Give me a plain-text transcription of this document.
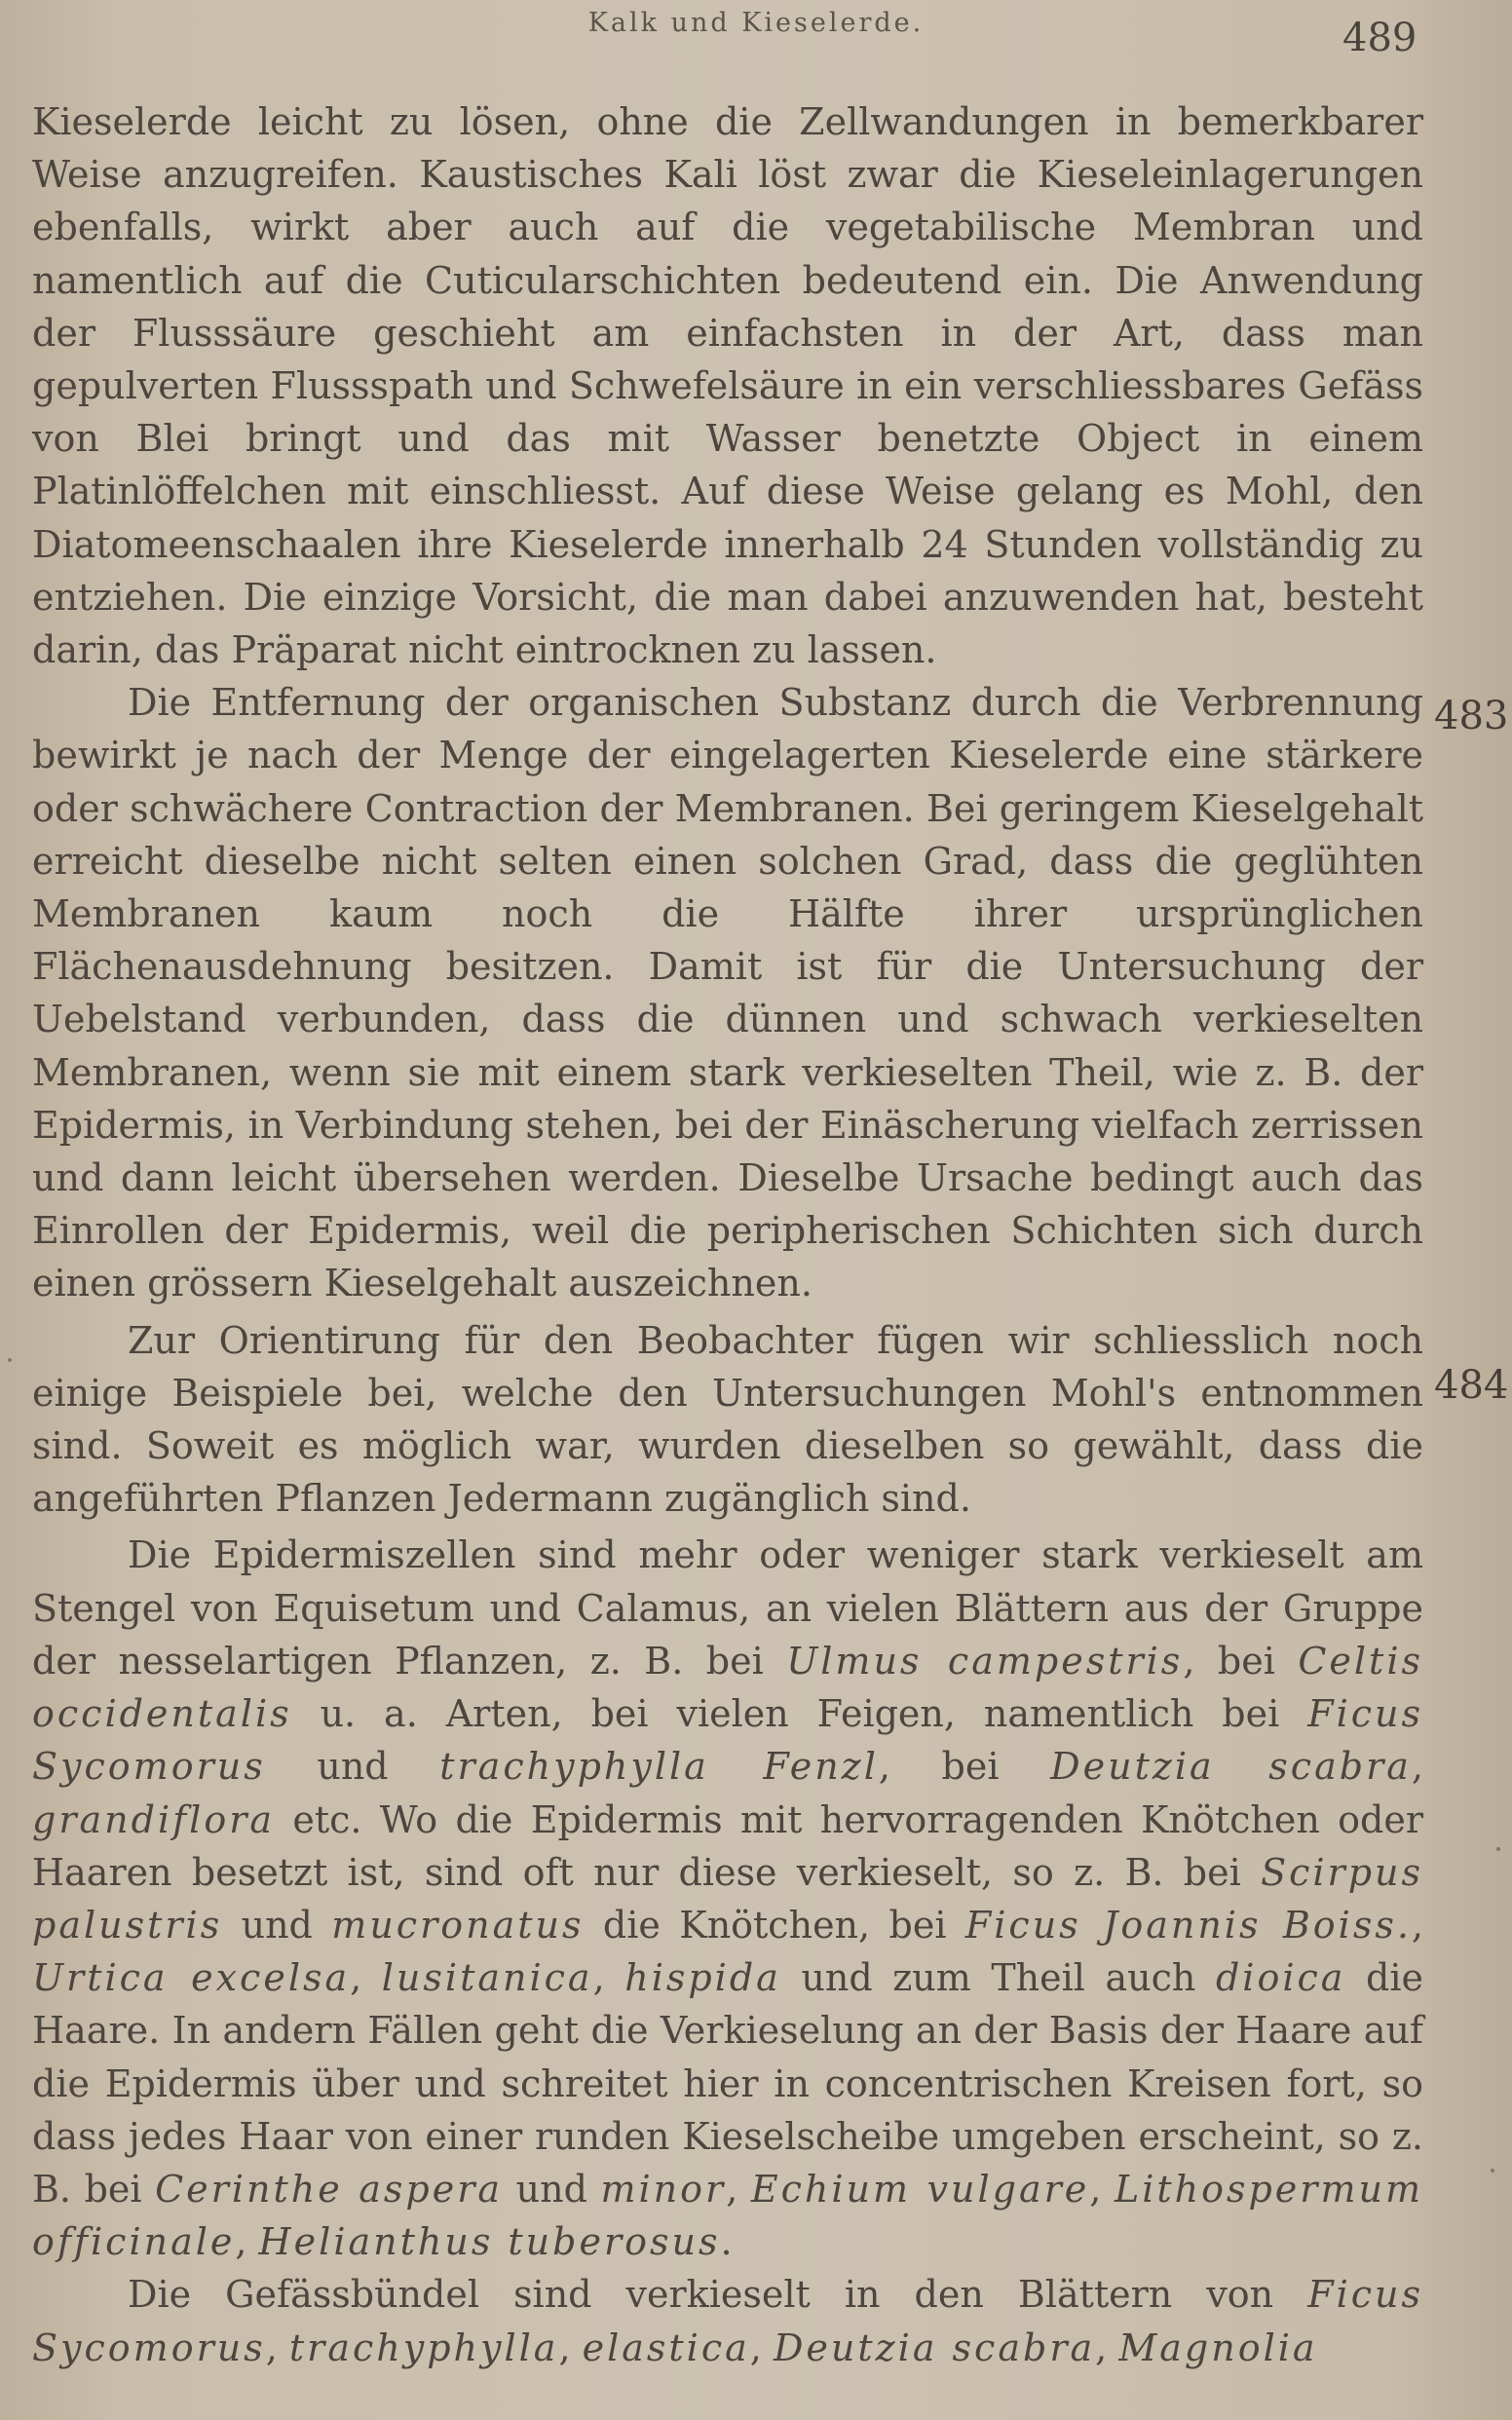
Kalk und Kieselerde.	489

Kieselerde leicht zu lösen, ohne die Zellwandungen in bemerkbarer Weise anzugreifen. Kaustisches Kali löst zwar die Kieseleinlagerungen ebenfalls, wirkt aber auch auf die vegetabilische Membran und namentlich auf die Cuticularschichten bedeutend ein. Die Anwendung der Flusssäure geschieht am einfachsten in der Art, dass man gepulverten Flussspath und Schwefelsäure in ein verschliessbares Gefäss von Blei bringt und das mit Wasser benetzte Object in einem Platinlöffelchen mit einschliesst. Auf diese Weise gelang es Mohl, den Diatomeenschaalen ihre Kieselerde innerhalb 24 Stunden vollständig zu entziehen. Die einzige Vorsicht, die man dabei anzuwenden hat, besteht darin, das Präparat nicht eintrocknen zu lassen.

Die Entfernung der organischen Substanz durch die Verbrennung bewirkt je nach der Menge der eingelagerten Kieselerde eine stärkere oder schwächere Contraction der Membranen. Bei geringem Kieselgehalt erreicht dieselbe nicht selten einen solchen Grad, dass die geglühten Membranen kaum noch die Hälfte ihrer ursprünglichen Flächenausdehnung besitzen. Damit ist für die Untersuchung der Uebelstand verbunden, dass die dünnen und schwach verkieselten Membranen, wenn sie mit einem stark verkieselten Theil, wie z. B. der Epidermis, in Verbindung stehen, bei der Einäscherung vielfach zerrissen und dann leicht übersehen werden. Dieselbe Ursache bedingt auch das Einrollen der Epidermis, weil die peripherischen Schichten sich durch einen grössern Kieselgehalt auszeichnen.

Zur Orientirung für den Beobachter fügen wir schliesslich noch einige Beispiele bei, welche den Untersuchungen Mohl's entnommen sind. Soweit es möglich war, wurden dieselben so gewählt, dass die angeführten Pflanzen Jedermann zugänglich sind.

Die Epidermiszellen sind mehr oder weniger stark verkieselt am Stengel von Equisetum und Calamus, an vielen Blättern aus der Gruppe der nesselartigen Pflanzen, z. B. bei Ulmus campestris, bei Celtis occidentalis u. a. Arten, bei vielen Feigen, namentlich bei Ficus Sycomorus und trachyphylla Fenzl, bei Deutzia scabra, grandiflora etc. Wo die Epidermis mit hervorragenden Knötchen oder Haaren besetzt ist, sind oft nur diese verkieselt, so z. B. bei Scirpus palustris und mucronatus die Knötchen, bei Ficus Joannis Boiss., Urtica excelsa, lusitanica, hispida und zum Theil auch dioica die Haare. In andern Fällen geht die Verkieselung an der Basis der Haare auf die Epidermis über und schreitet hier in concentrischen Kreisen fort, so dass jedes Haar von einer runden Kieselscheibe umgeben erscheint, so z. B. bei Cerinthe aspera und minor, Echium vulgare, Lithospermum officinale, Helianthus tuberosus.

Die Gefässbündel sind verkieselt in den Blättern von Ficus Sycomorus, trachyphylla, elastica, Deutzia scabra, Magnolia

483
484
